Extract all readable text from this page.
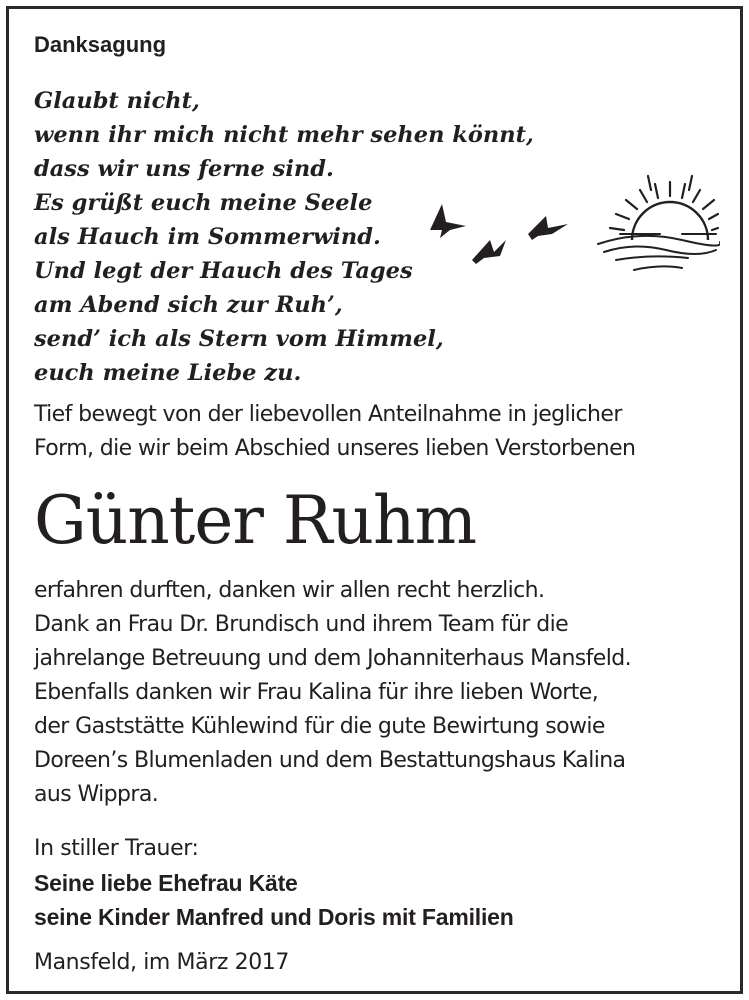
Danksagung
Glaubt nicht,
wenn ihr mich nicht mehr sehen könnt,
dass wir uns ferne sind.
Es grüßt euch meine Seele
als Hauch im Sommerwind.
Und legt der Hauch des Tages
am Abend sich zur Ruh’,
send’ ich als Stern vom Himmel,
euch meine Liebe zu.
Tief bewegt von der liebevollen Anteilnahme in jeglicher
Form, die wir beim Abschied unseres lieben Verstorbenen
Günter Ruhm
erfahren durften, danken wir allen recht herzlich.
Dank an Frau Dr. Brundisch und ihrem Team für die
jahrelange Betreuung und dem Johanniterhaus Mansfeld.
Ebenfalls danken wir Frau Kalina für ihre lieben Worte,
der Gaststätte Kühlewind für die gute Bewirtung sowie
Doreen’s Blumenladen und dem Bestattungshaus Kalina
aus Wippra.
In stiller Trauer:
Seine liebe Ehefrau Käte
seine Kinder Manfred und Doris mit Familien
Mansfeld, im März 2017
